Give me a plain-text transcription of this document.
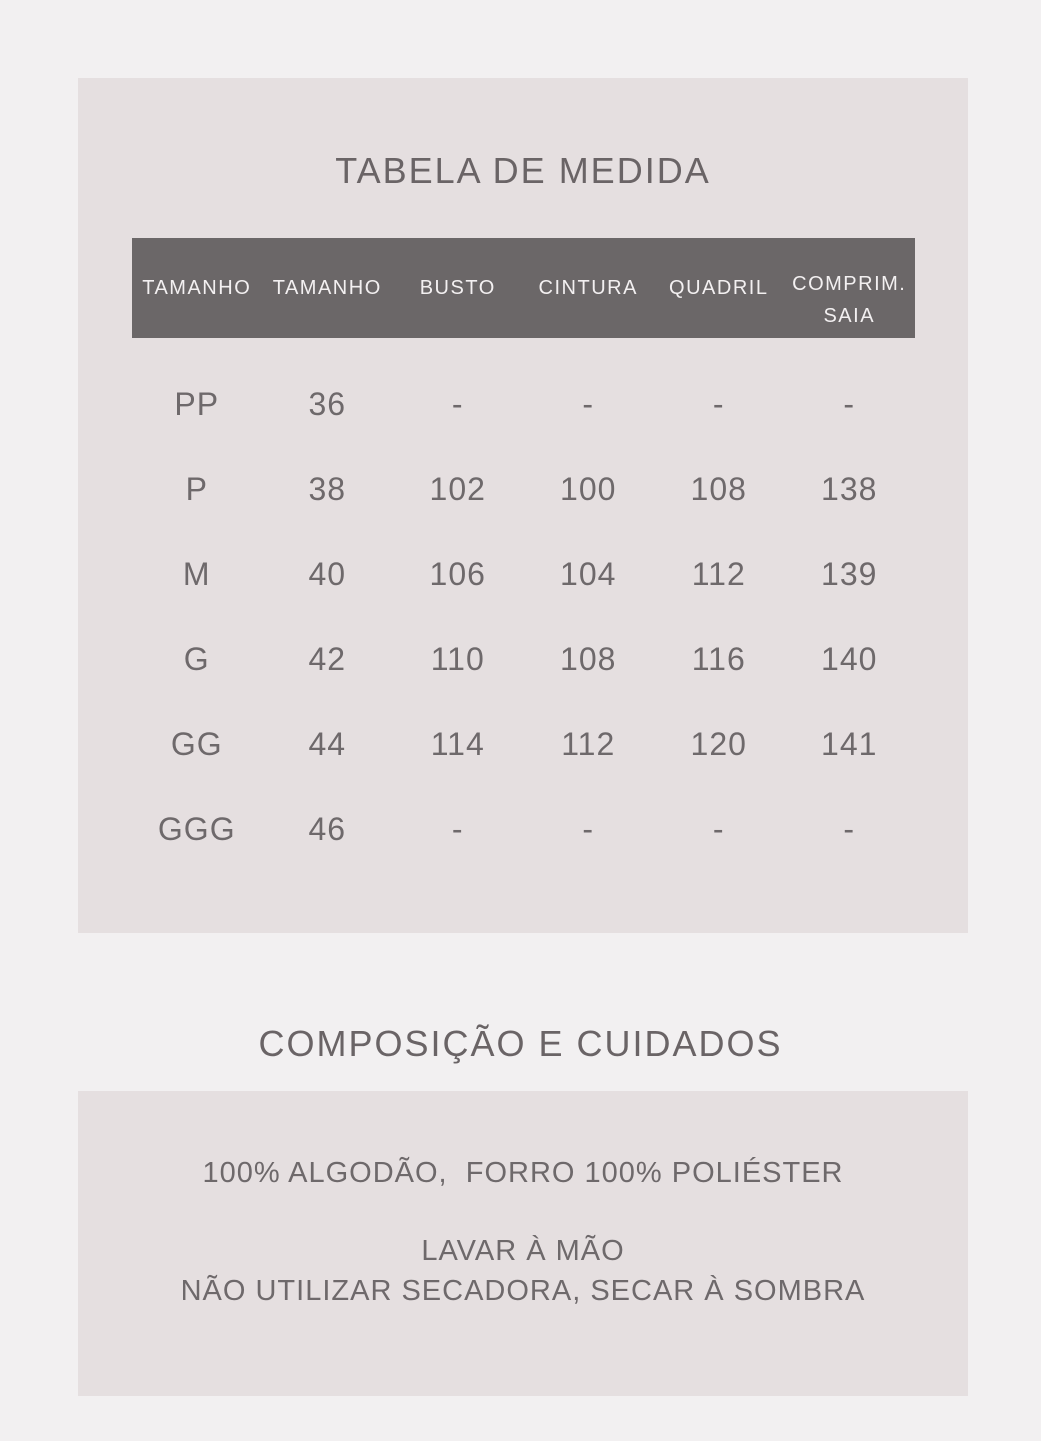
TABELA DE MEDIDA
TAMANHO	TAMANHO	BUSTO	CINTURA	QUADRIL	COMPRIM.
SAIA
PP	36	-	-	-	-
P	38	102	100	108	138
M	40	106	104	112	139
G	42	110	108	116	140
GG	44	114	112	120	141
GGG	46	-	-	-	-
COMPOSIÇÃO E CUIDADOS
100% ALGODÃO,  FORRO 100% POLIÉSTER
LAVAR À MÃO
NÃO UTILIZAR SECADORA, SECAR À SOMBRA
